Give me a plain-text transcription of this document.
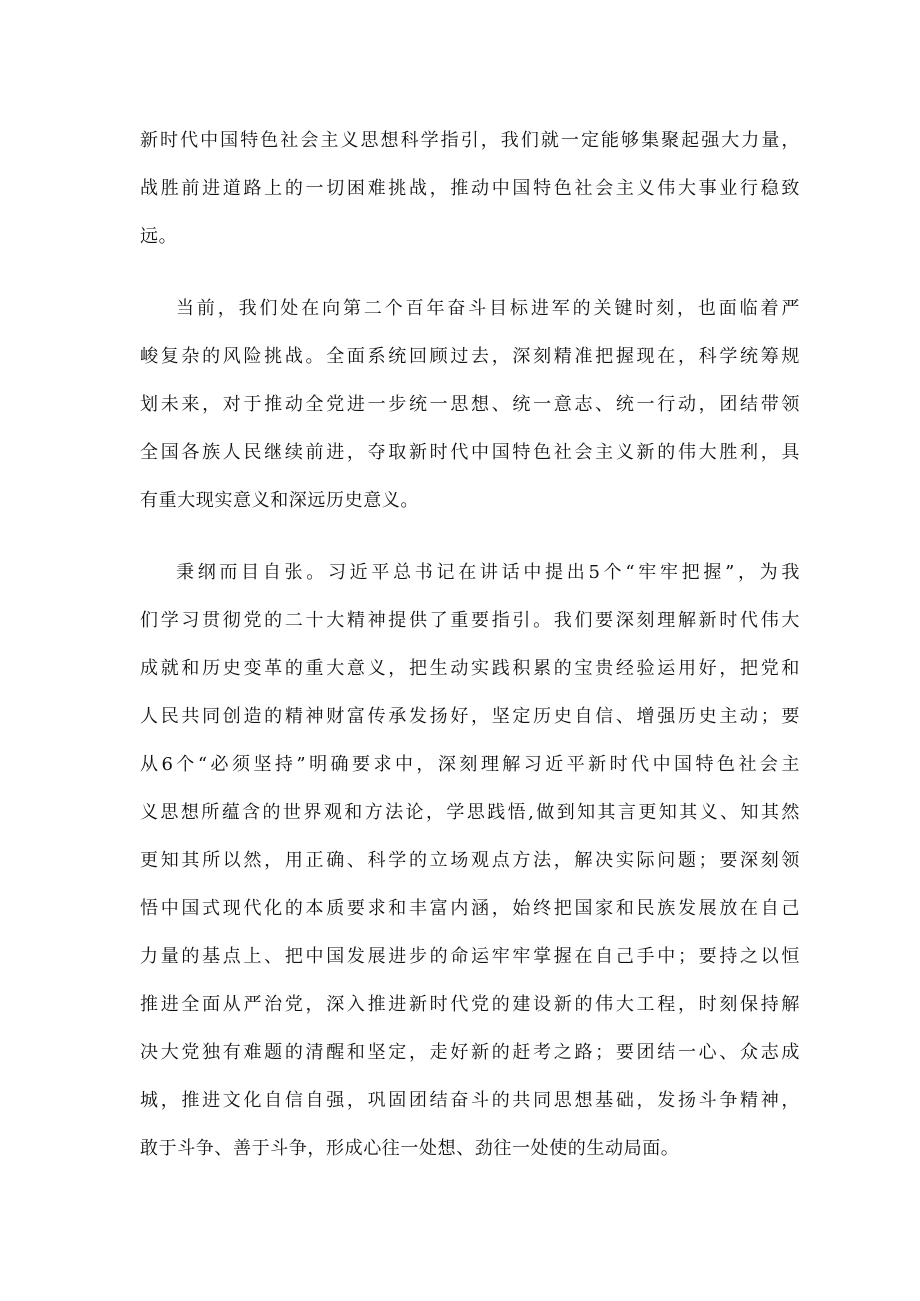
新时代中国特色社会主义思想科学指引，我们就一定能够集聚起强大力量，
战胜前进道路上的一切困难挑战，推动中国特色社会主义伟大事业行稳致
远。
当前，我们处在向第二个百年奋斗目标进军的关键时刻，也面临着严
峻复杂的风险挑战。全面系统回顾过去，深刻精准把握现在，科学统筹规
划未来，对于推动全党进一步统一思想、统一意志、统一行动，团结带领
全国各族人民继续前进，夺取新时代中国特色社会主义新的伟大胜利，具
有重大现实意义和深远历史意义。
秉纲而目自张。习近平总书记在讲话中提出5个“牢牢把握”，为我
们学习贯彻党的二十大精神提供了重要指引。我们要深刻理解新时代伟大
成就和历史变革的重大意义，把生动实践积累的宝贵经验运用好，把党和
人民共同创造的精神财富传承发扬好，坚定历史自信、增强历史主动；要
从6个“必须坚持”明确要求中，深刻理解习近平新时代中国特色社会主
义思想所蕴含的世界观和方法论，学思践悟,做到知其言更知其义、知其然
更知其所以然，用正确、科学的立场观点方法，解决实际问题；要深刻领
悟中国式现代化的本质要求和丰富内涵，始终把国家和民族发展放在自己
力量的基点上、把中国发展进步的命运牢牢掌握在自己手中；要持之以恒
推进全面从严治党，深入推进新时代党的建设新的伟大工程，时刻保持解
决大党独有难题的清醒和坚定，走好新的赶考之路；要团结一心、众志成
城，推进文化自信自强，巩固团结奋斗的共同思想基础，发扬斗争精神，
敢于斗争、善于斗争，形成心往一处想、劲往一处使的生动局面。
